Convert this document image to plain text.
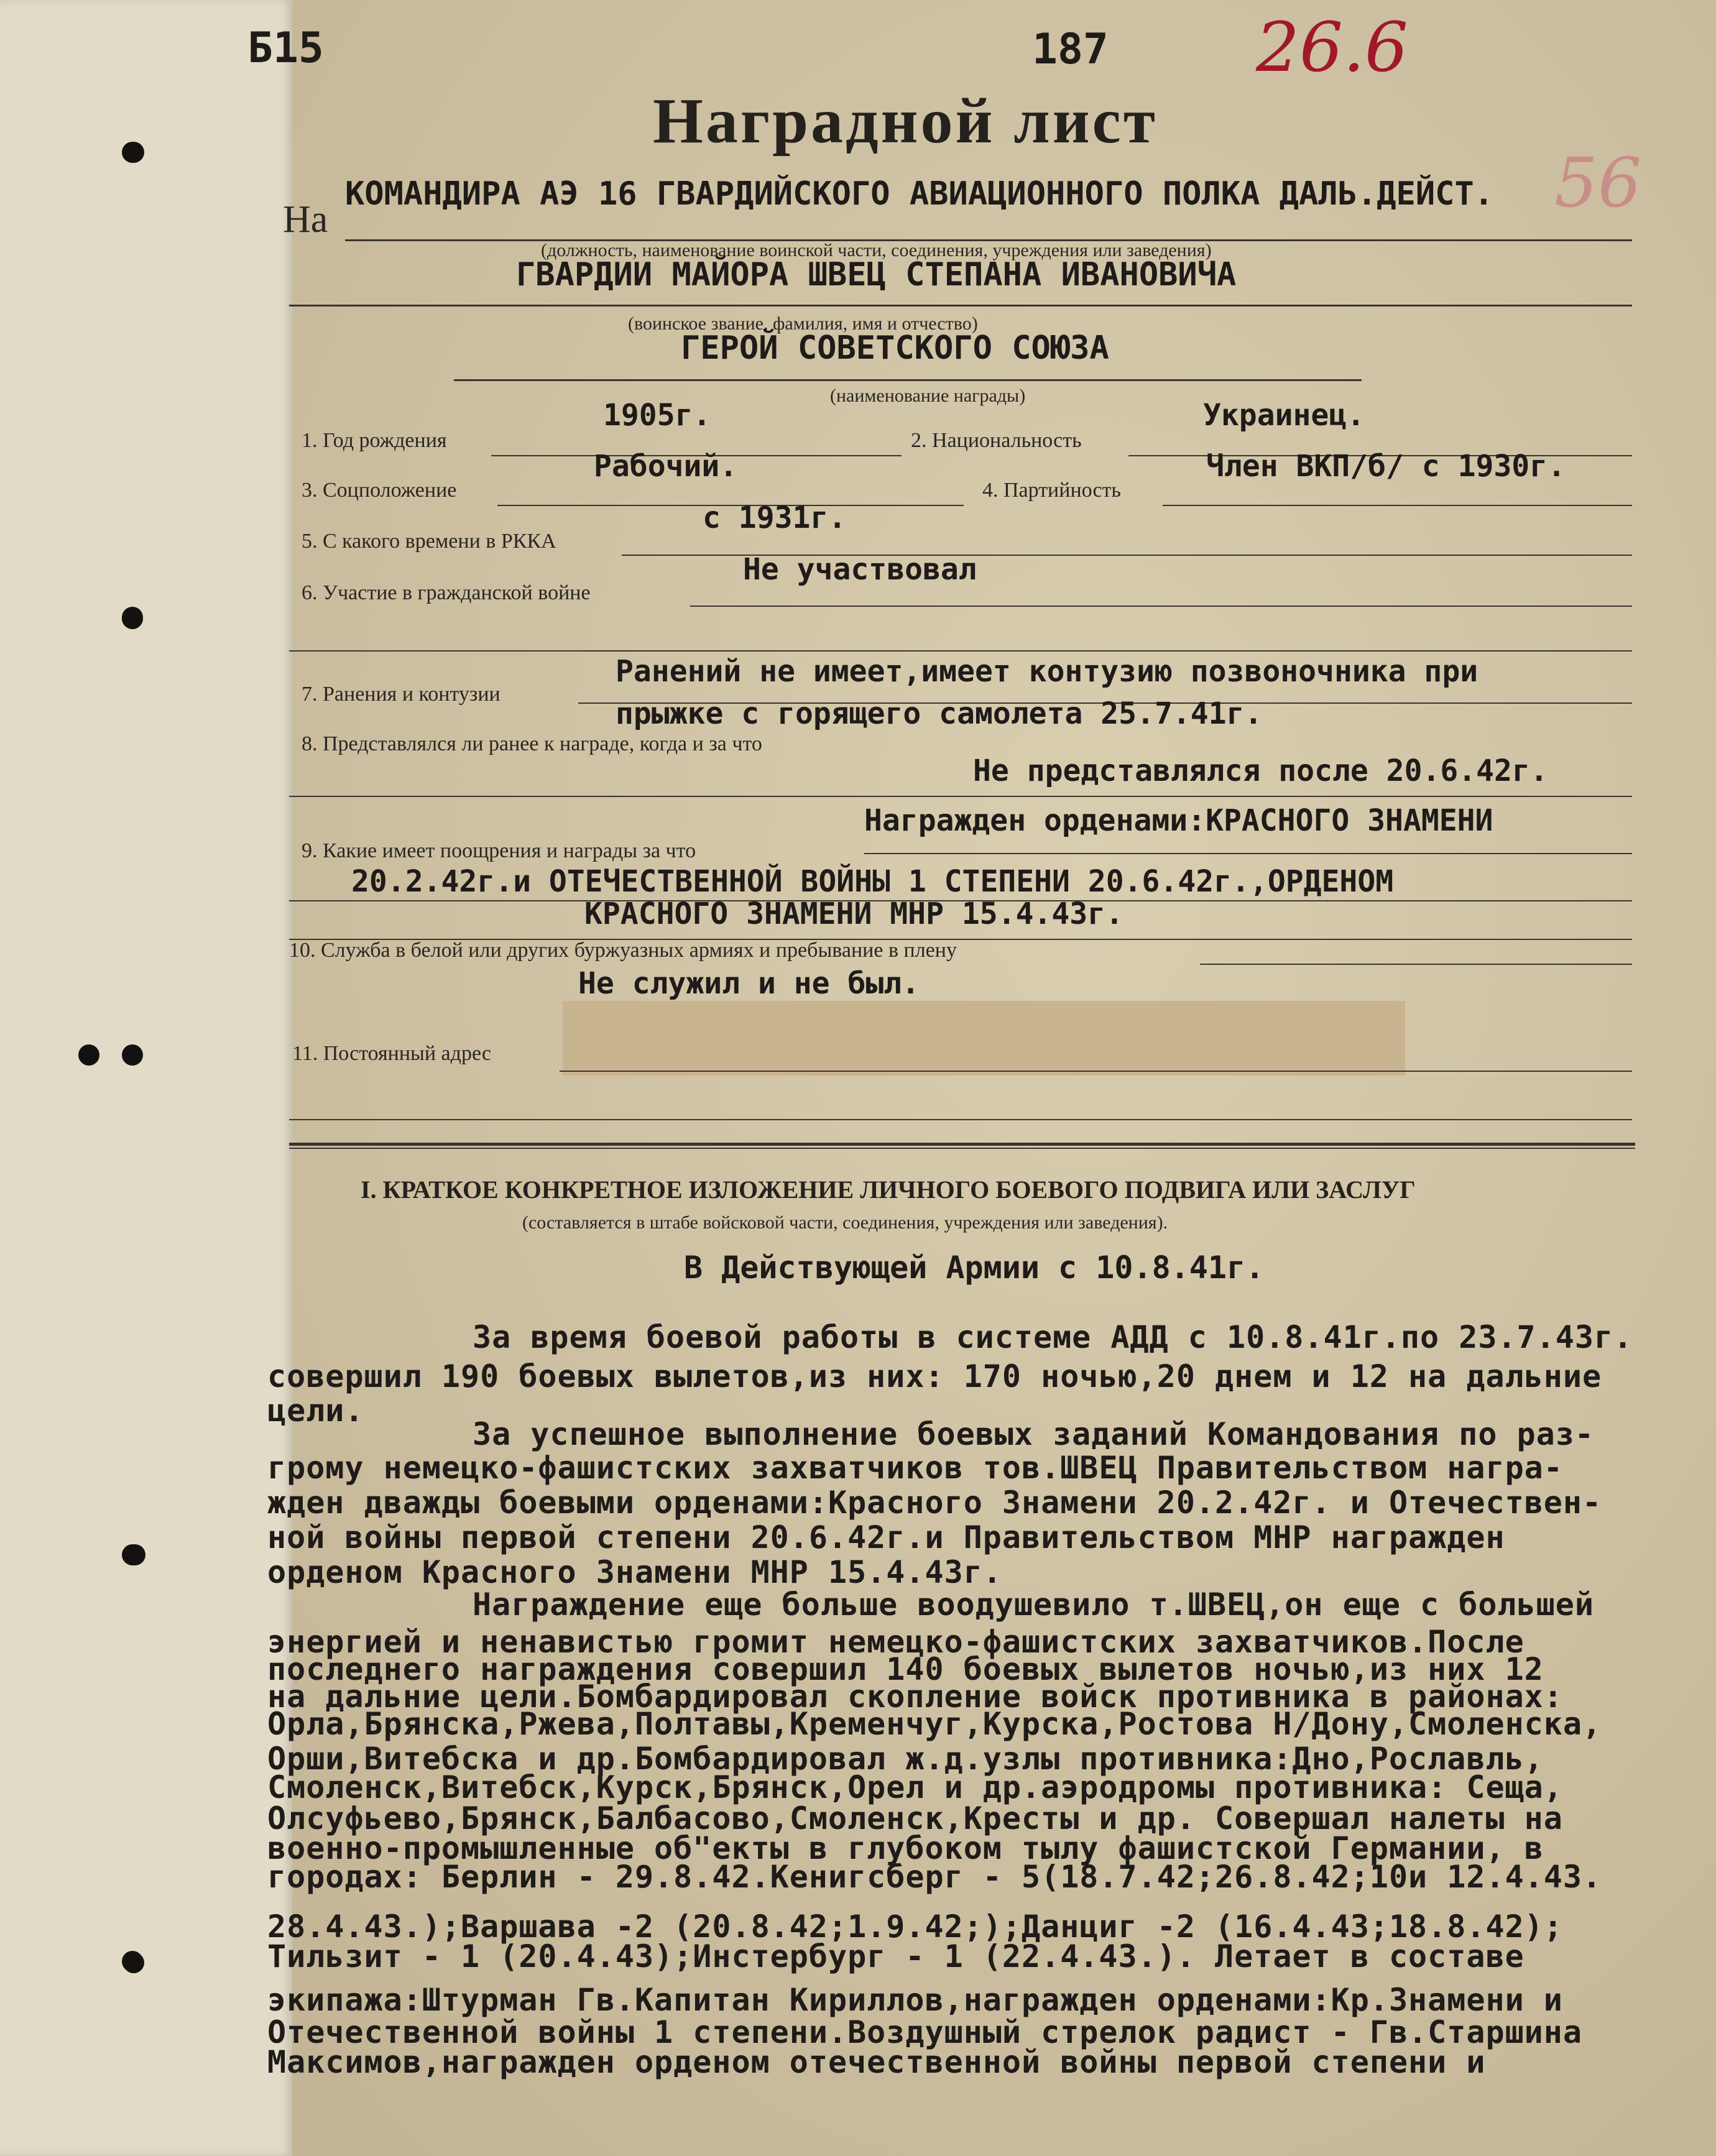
Б15	187 26.6
56
Наградной лист
На
КОМАНДИРА АЭ 16 ГВАРДИЙСКОГО АВИАЦИОННОГО ПОЛКА ДАЛЬ.ДЕЙСТ.
(должность, наименование воинской части, соединения, учреждения или заведения)
ГВАРДИИ МАЙОРА ШВЕЦ СТЕПАНА ИВАНОВИЧА
(воинское звание, фамилия, имя и отчество)
ГЕРОЙ СОВЕТСКОГО СОЮЗА
(наименование награды)
1. Год рождения
1905г.
2. Национальность
Украинец.
3. Соцположение
Рабочий.
4. Партийность
Член ВКП/б/ с 1930г.
5. С какого времени в РККА
с 1931г.
6. Участие в гражданской войне
Не участвовал
7. Ранения и контузии
Ранений не имеет,имеет контузию позвоночника при
прыжке с горящего самолета 25.7.41г.
8. Представлялся ли ранее к награде, когда и за что
Не представлялся после 20.6.42г.
Награжден орденами:КРАСНОГО ЗНАМЕНИ
9. Какие имеет поощрения и награды за что
20.2.42г.и ОТЕЧЕСТВЕННОЙ ВОЙНЫ 1 СТЕПЕНИ 20.6.42г.,ОРДЕНОМ
КРАСНОГО ЗНАМЕНИ МНР 15.4.43г.
10. Служба в белой или других буржуазных армиях и пребывание в плену
Не служил и не был.
11. Постоянный адрес
I. КРАТКОЕ КОНКРЕТНОЕ ИЗЛОЖЕНИЕ ЛИЧНОГО БОЕВОГО ПОДВИГА ИЛИ ЗАСЛУГ
(составляется в штабе войсковой части, соединения, учреждения или заведения).
В Действующей Армии с 10.8.41г.
За время боевой работы в системе АДД с 10.8.41г.по 23.7.43г.
совершил 190 боевых вылетов,из них: 170 ночью,20 днем и 12 на дальние
цели.
За успешное выполнение боевых заданий Командования по раз-
грому немецко-фашистских захватчиков тов.ШВЕЦ Правительством награ-
жден дважды боевыми орденами:Красного Знамени 20.2.42г. и Отечествен-
ной войны первой степени 20.6.42г.и Правительством МНР награжден
орденом Красного Знамени МНР 15.4.43г.
Награждение еще больше воодушевило т.ШВЕЦ,он еще с большей
энергией и ненавистью громит немецко-фашистских захватчиков.После
последнего награждения совершил 140 боевых вылетов ночью,из них 12
на дальние цели.Бомбардировал скопление войск противника в районах:
Орла,Брянска,Ржева,Полтавы,Кременчуг,Курска,Ростова Н/Дону,Смоленска,
Орши,Витебска и др.Бомбардировал ж.д.узлы противника:Дно,Рославль,
Смоленск,Витебск,Курск,Брянск,Орел и др.аэродромы противника: Сеща,
Олсуфьево,Брянск,Балбасово,Смоленск,Кресты и др. Совершал налеты на
военно-промышленные об"екты в глубоком тылу фашистской Германии, в
городах: Берлин - 29.8.42.Кенигсберг - 5(18.7.42;26.8.42;10и 12.4.43.
28.4.43.);Варшава -2 (20.8.42;1.9.42;);Данциг -2 (16.4.43;18.8.42);
Тильзит - 1 (20.4.43);Инстербург - 1 (22.4.43.). Летает в составе
экипажа:Штурман Гв.Капитан Кириллов,награжден орденами:Кр.Знамени и
Отечественной войны 1 степени.Воздушный стрелок радист - Гв.Старшина
Максимов,награжден орденом отечественной войны первой степени и
